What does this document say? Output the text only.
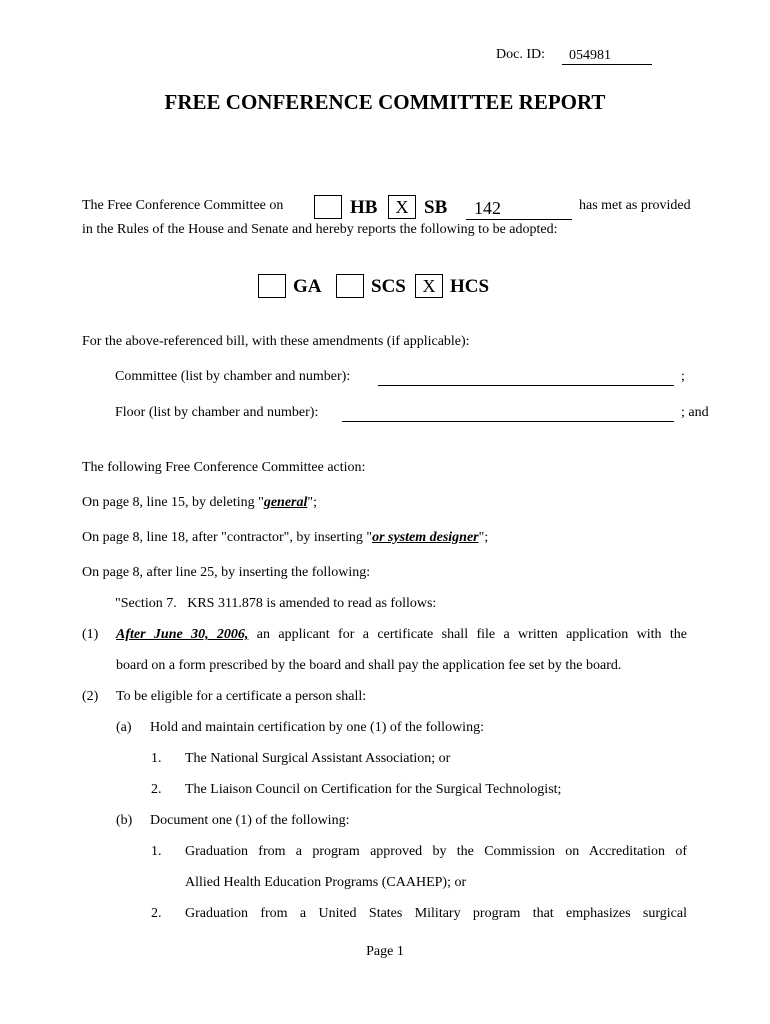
Doc. ID:	054981
FREE CONFERENCE COMMITTEE REPORT
The Free Conference Committee on	HB	X SB	142	has met as provided
in the Rules of the House and Senate and hereby reports the following to be adopted:
GA	SCS X HCS
For the above-referenced bill, with these amendments (if applicable):
Committee (list by chamber and number):	;
Floor (list by chamber and number):	; and
The following Free Conference Committee action:
On page 8, line 15, by deleting "general";
On page 8, line 18, after "contractor", by inserting "or system designer";
On page 8, after line 25, by inserting the following:
"Section 7.   KRS 311.878 is amended to read as follows:
(1) After June 30, 2006, an applicant for a certificate shall file a written application with the
board on a form prescribed by the board and shall pay the application fee set by the board.
(2) To be eligible for a certificate a person shall:
(a) Hold and maintain certification by one (1) of the following:
1. The National Surgical Assistant Association; or
2. The Liaison Council on Certification for the Surgical Technologist;
(b) Document one (1) of the following:
1. Graduation from a program approved by the Commission on Accreditation of
Allied Health Education Programs (CAAHEP); or
2. Graduation from a United States Military program that emphasizes surgical
Page 1
